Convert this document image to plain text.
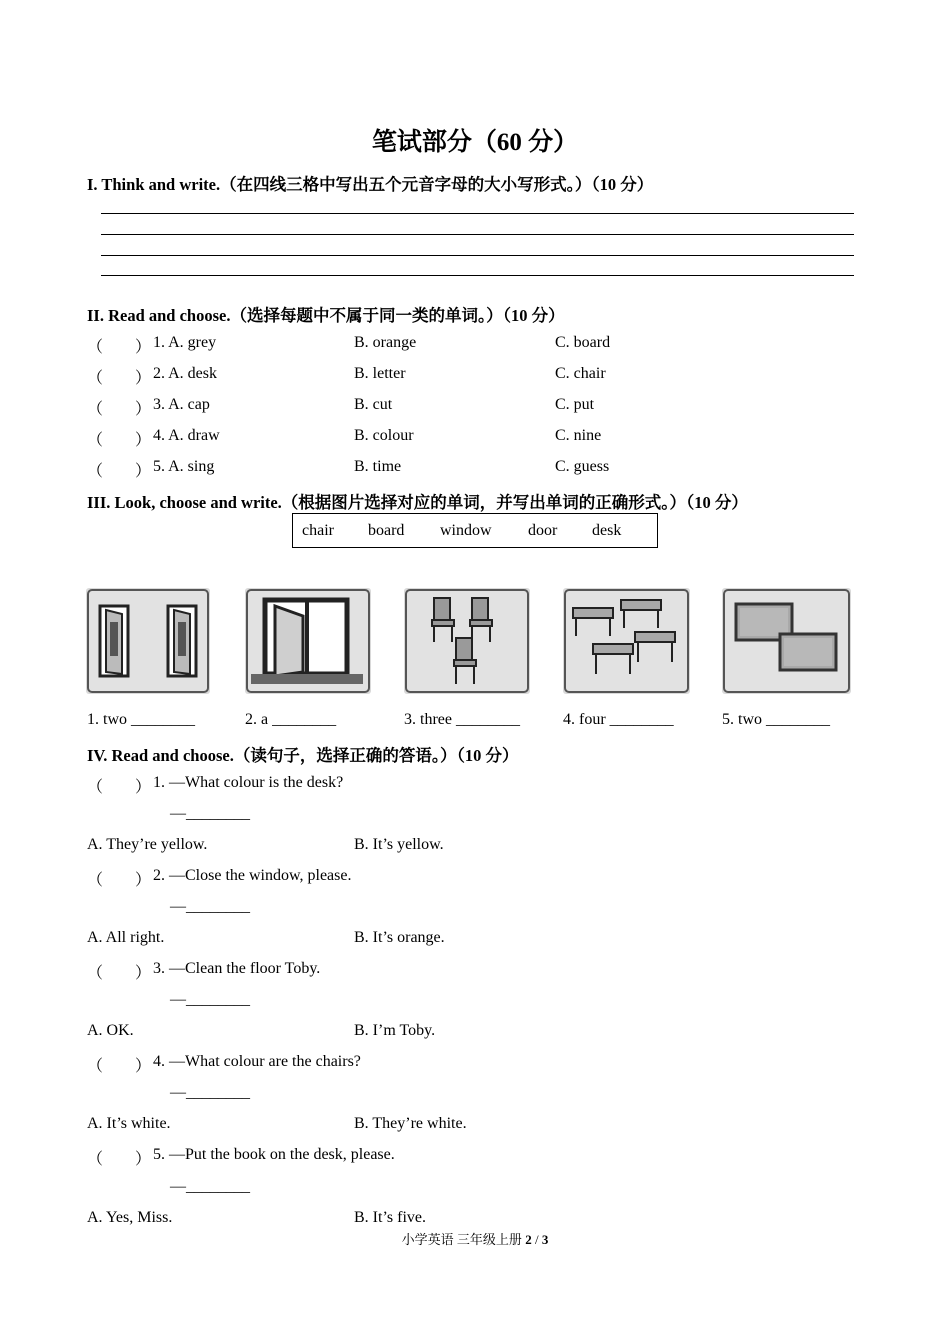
笔试部分（60 分）
I. Think and write.（在四线三格中写出五个元音字母的大小写形式。）（10 分）
II. Read and choose.（选择每题中不属于同一类的单词。）（10 分）
（　　） 1. A. grey	B. orange	C. board
（　　） 2. A. desk	B. letter	C. chair
（　　） 3. A. cap	B. cut	C. put
（　　） 4. A. draw	B. colour	C. nine
（　　） 5. A. sing	B. time	C. guess
III. Look, choose and write.（根据图片选择对应的单词，并写出单词的正确形式。）（10 分）
chair board window door desk
1. two ________	2. a ________	3. three ________	4. four ________	5. two ________
IV. Read and choose.（读句子，选择正确的答语。）（10 分）
（　　） 1. —What colour is the desk?
—________
A. They’re yellow.	B. It’s yellow.
（　　） 2. —Close the window, please.
—________
A. All right.	B. It’s orange.
（　　） 3. —Clean the floor Toby.
—________
A. OK.	B. I’m Toby.
（　　） 4. —What colour are the chairs?
—________
A. It’s white.	B. They’re white.
（　　） 5. —Put the book on the desk, please.
—________
A. Yes, Miss.	B. It’s five.
小学英语 三年级上册 2 / 3
